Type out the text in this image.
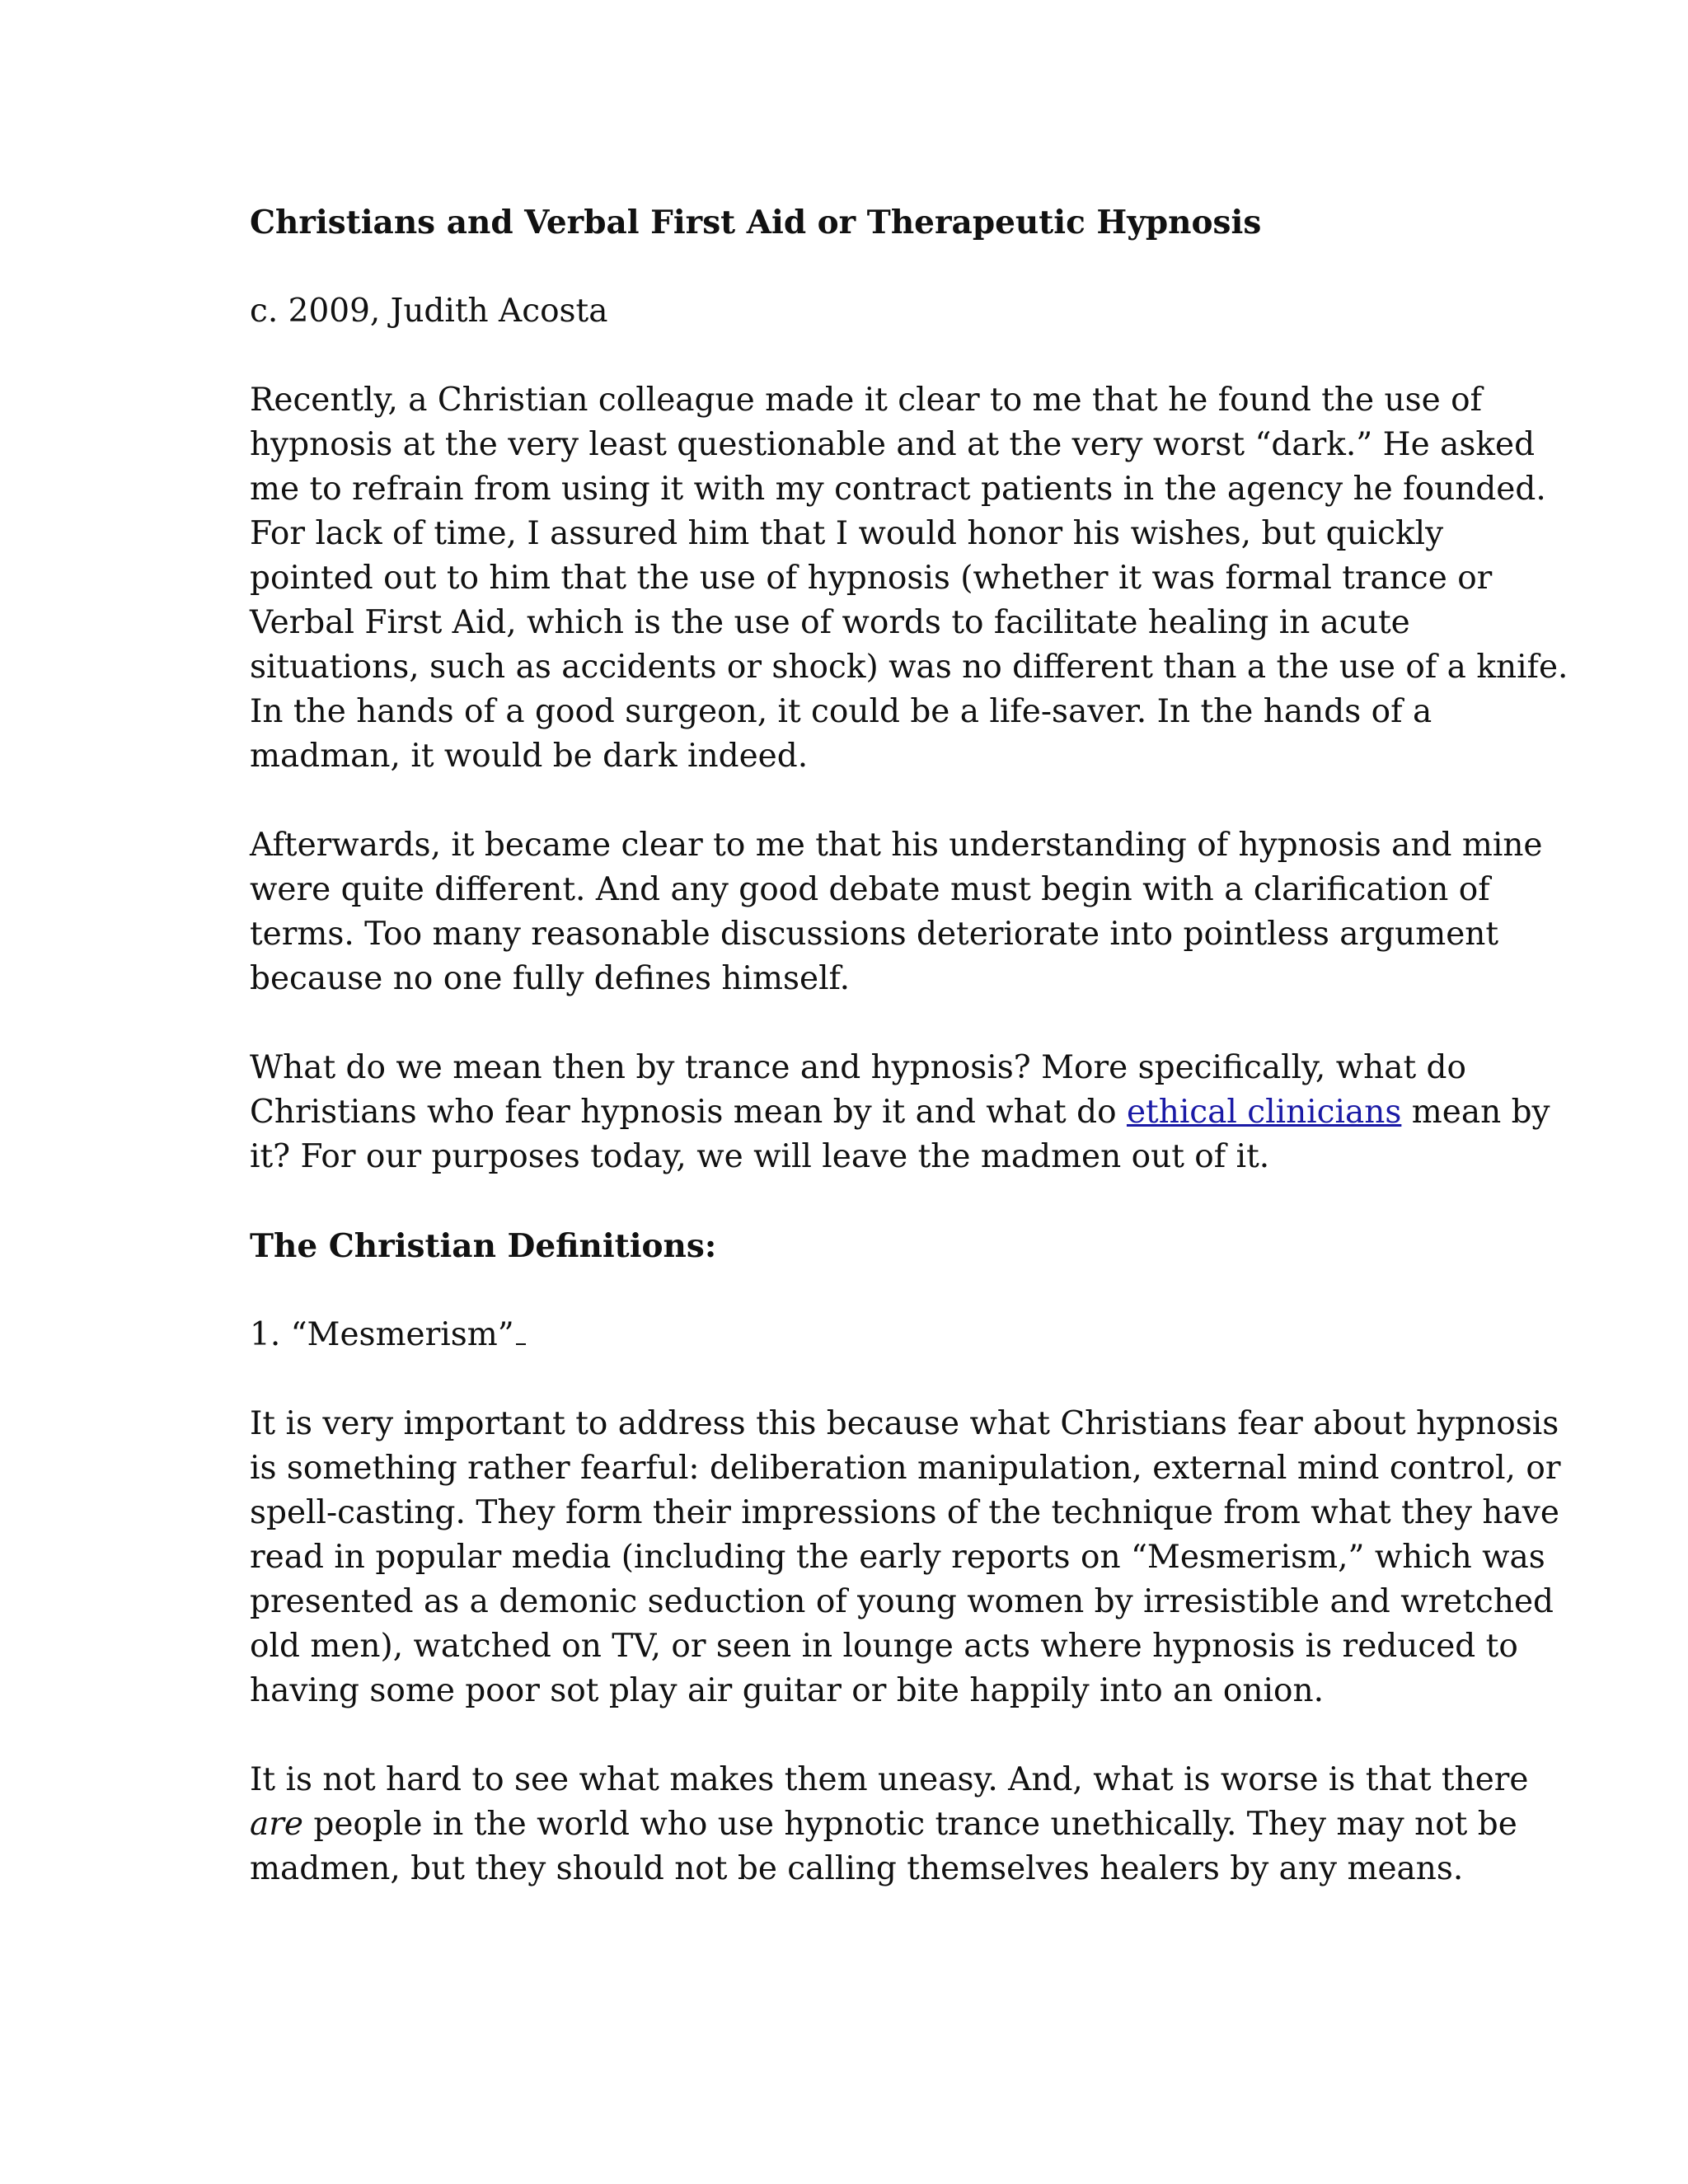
Christians and Verbal First Aid or Therapeutic Hypnosis
c. 2009, Judith Acosta
Recently, a Christian colleague made it clear to me that he found the use of
hypnosis at the very least questionable and at the very worst “dark.” He asked
me to refrain from using it with my contract patients in the agency he founded.
For lack of time, I assured him that I would honor his wishes, but quickly
pointed out to him that the use of hypnosis (whether it was formal trance or
Verbal First Aid, which is the use of words to facilitate healing in acute
situations, such as accidents or shock) was no different than a the use of a knife.
In the hands of a good surgeon, it could be a life-saver. In the hands of a
madman, it would be dark indeed.
Afterwards, it became clear to me that his understanding of hypnosis and mine
were quite different. And any good debate must begin with a clarification of
terms. Too many reasonable discussions deteriorate into pointless argument
because no one fully defines himself.
What do we mean then by trance and hypnosis? More specifically, what do
Christians who fear hypnosis mean by it and what do ethical clinicians mean by
it? For our purposes today, we will leave the madmen out of it.
The Christian Definitions:
1. “Mesmerism”
It is very important to address this because what Christians fear about hypnosis
is something rather fearful: deliberation manipulation, external mind control, or
spell-casting. They form their impressions of the technique from what they have
read in popular media (including the early reports on “Mesmerism,” which was
presented as a demonic seduction of young women by irresistible and wretched
old men), watched on TV, or seen in lounge acts where hypnosis is reduced to
having some poor sot play air guitar or bite happily into an onion.
It is not hard to see what makes them uneasy. And, what is worse is that there
are people in the world who use hypnotic trance unethically. They may not be
madmen, but they should not be calling themselves healers by any means.
